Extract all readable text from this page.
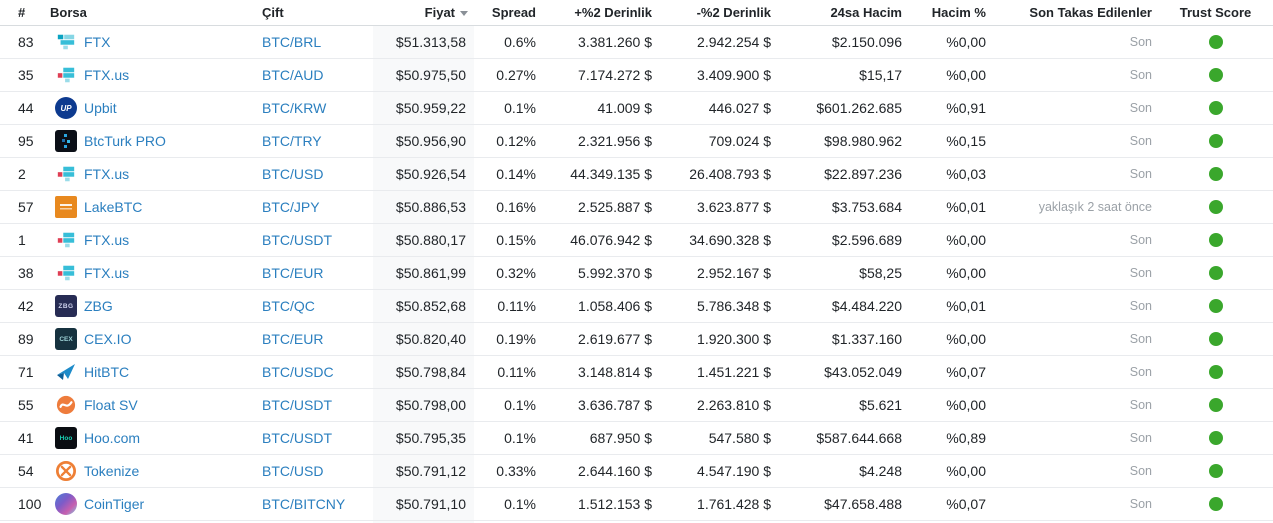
#	Borsa	Çift	Fiyat	Spread	+%2 Derinlik	-%2 Derinlik	24sa Hacim	Hacim %	Son Takas Edilenler	Trust Score
83	FTX	BTC/BRL	$51.313,58	0.6%	3.381.260 $	2.942.254 $	$2.150.096	%0,00	Son
35	FTX.us	BTC/AUD	$50.975,50	0.27%	7.174.272 $	3.409.900 $	$15,17	%0,00	Son
44	UP Upbit	BTC/KRW	$50.959,22	0.1%	41.009 $	446.027 $	$601.262.685	%0,91	Son
95	BtcTurk PRO	BTC/TRY	$50.956,90	0.12%	2.321.956 $	709.024 $	$98.980.962	%0,15	Son
2	FTX.us	BTC/USD	$50.926,54	0.14%	44.349.135 $	26.408.793 $	$22.897.236	%0,03	Son
57	LakeBTC	BTC/JPY	$50.886,53	0.16%	2.525.887 $	3.623.877 $	$3.753.684	%0,01	yaklaşık 2 saat önce
1	FTX.us	BTC/USDT	$50.880,17	0.15%	46.076.942 $	34.690.328 $	$2.596.689	%0,00	Son
38	FTX.us	BTC/EUR	$50.861,99	0.32%	5.992.370 $	2.952.167 $	$58,25	%0,00	Son
42	ZBG ZBG	BTC/QC	$50.852,68	0.11%	1.058.406 $	5.786.348 $	$4.484.220	%0,01	Son
89	CEX CEX.IO	BTC/EUR	$50.820,40	0.19%	2.619.677 $	1.920.300 $	$1.337.160	%0,00	Son
71	HitBTC	BTC/USDC	$50.798,84	0.11%	3.148.814 $	1.451.221 $	$43.052.049	%0,07	Son
55	Float SV	BTC/USDT	$50.798,00	0.1%	3.636.787 $	2.263.810 $	$5.621	%0,00	Son
41	Hoo Hoo.com	BTC/USDT	$50.795,35	0.1%	687.950 $	547.580 $	$587.644.668	%0,89	Son
54	Tokenize	BTC/USD	$50.791,12	0.33%	2.644.160 $	4.547.190 $	$4.248	%0,00	Son
100	CoinTiger	BTC/BITCNY	$50.791,10	0.1%	1.512.153 $	1.761.428 $	$47.658.488	%0,07	Son
